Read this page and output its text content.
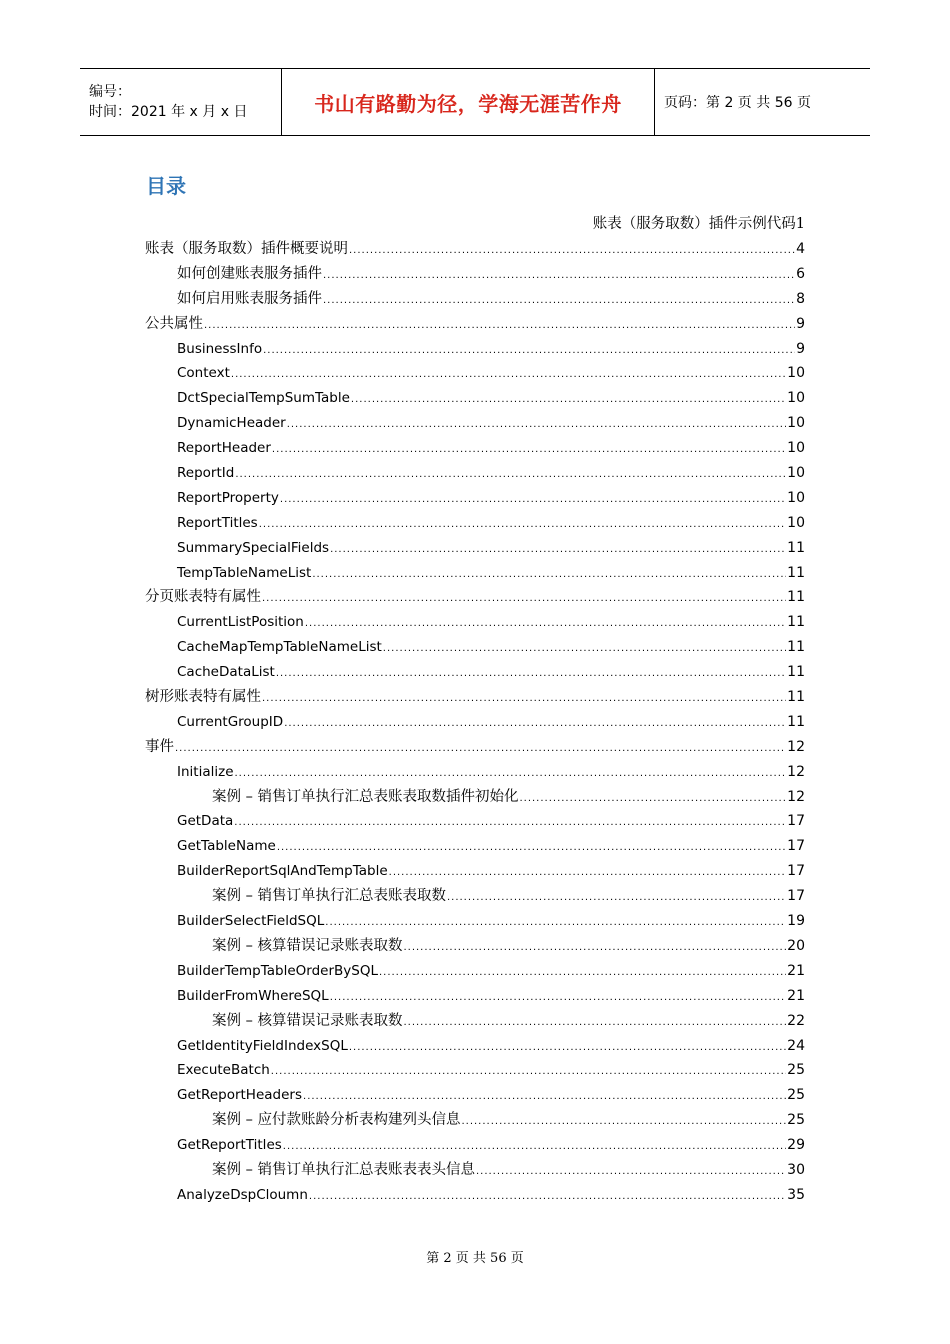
编号：
时间：2021 年 x 月 x 日	书山有路勤为径，学海无涯苦作舟	页码：第 2 页 共 56 页
目录
账表（服务取数）插件示例代码1
账表（服务取数）插件概要说明 .....	4
如何创建账表服务插件 .....	6
如何启用账表服务插件 .....	8
公共属性 .....	9
BusinessInfo .....	9
Context .....	10
DctSpecialTempSumTable .....	10
DynamicHeader .....	10
ReportHeader .....	10
ReportId .....	10
ReportProperty .....	10
ReportTitles .....	10
SummarySpecialFields .....	11
TempTableNameList .....	11
分页账表特有属性 .....	11
CurrentListPosition .....	11
CacheMapTempTableNameList .....	11
CacheDataList .....	11
树形账表特有属性 .....	11
CurrentGroupID .....	11
事件 .....	12
Initialize .....	12
案例 – 销售订单执行汇总表账表取数插件初始化 .....	12
GetData .....	17
GetTableName .....	17
BuilderReportSqlAndTempTable .....	17
案例 – 销售订单执行汇总表账表取数 .....	17
BuilderSelectFieldSQL .....	19
案例 – 核算错误记录账表取数 .....	20
BuilderTempTableOrderBySQL .....	21
BuilderFromWhereSQL .....	21
案例 – 核算错误记录账表取数 .....	22
GetIdentityFieldIndexSQL .....	24
ExecuteBatch .....	25
GetReportHeaders .....	25
案例 – 应付款账龄分析表构建列头信息 .....	25
GetReportTitles .....	29
案例 – 销售订单执行汇总表账表表头信息 .....	30
AnalyzeDspCloumn .....	35
第 2 页 共 56 页
